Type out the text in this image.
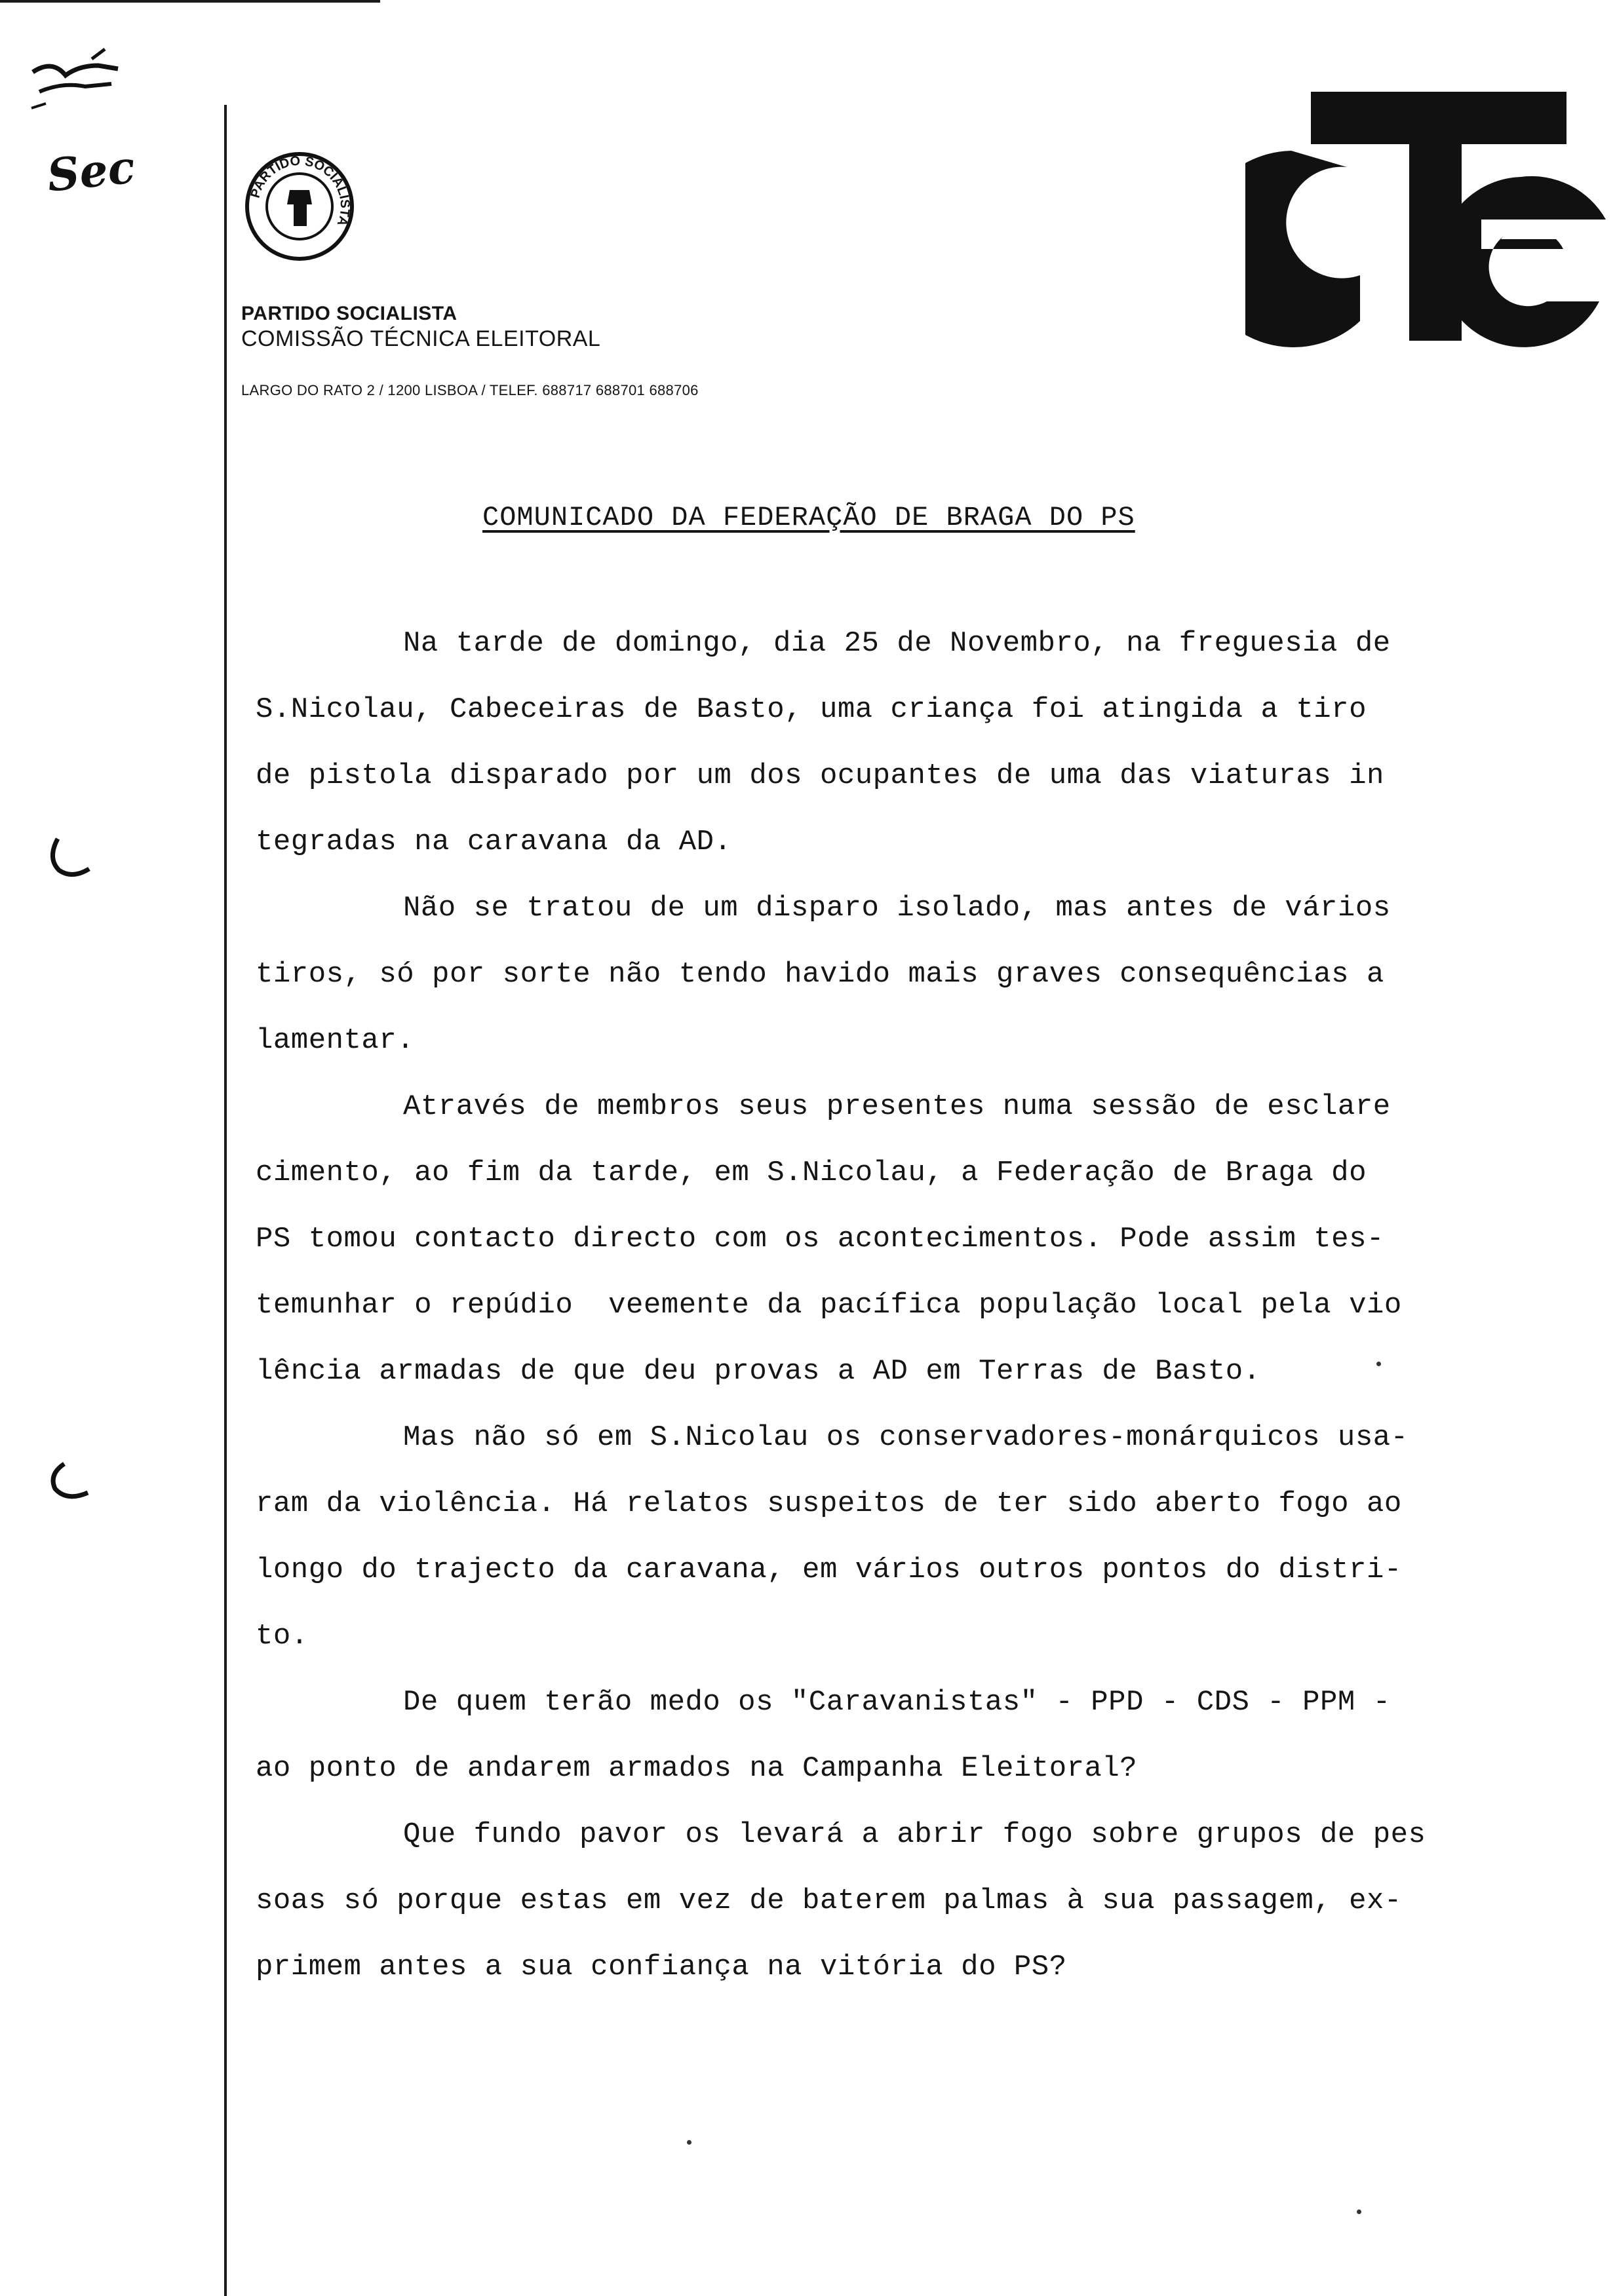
Sec	PARTIDO SOCIALISTA

PARTIDO SOCIALISTA

COMISSÃO TÉCNICA ELEITORAL

LARGO DO RATO 2 / 1200 LISBOA / TELEF. 688717 688701 688706

COMUNICADO DA FEDERAÇÃO DE BRAGA DO PS
Na tarde de domingo, dia 25 de Novembro, na freguesia de
S.Nicolau, Cabeceiras de Basto, uma criança foi atingida a tiro
de pistola disparado por um dos ocupantes de uma das viaturas in
tegradas na caravana da AD.
Não se tratou de um disparo isolado, mas antes de vários
tiros, só por sorte não tendo havido mais graves consequências a
lamentar.
Através de membros seus presentes numa sessão de esclare
cimento, ao fim da tarde, em S.Nicolau, a Federação de Braga do
PS tomou contacto directo com os acontecimentos. Pode assim tes-
temunhar o repúdio  veemente da pacífica população local pela vio
lência armadas de que deu provas a AD em Terras de Basto.
Mas não só em S.Nicolau os conservadores-monárquicos usa-
ram da violência. Há relatos suspeitos de ter sido aberto fogo ao
longo do trajecto da caravana, em vários outros pontos do distri-
to.
De quem terão medo os "Caravanistas" - PPD - CDS - PPM -
ao ponto de andarem armados na Campanha Eleitoral?
Que fundo pavor os levará a abrir fogo sobre grupos de pes
soas só porque estas em vez de baterem palmas à sua passagem, ex-
primem antes a sua confiança na vitória do PS?
